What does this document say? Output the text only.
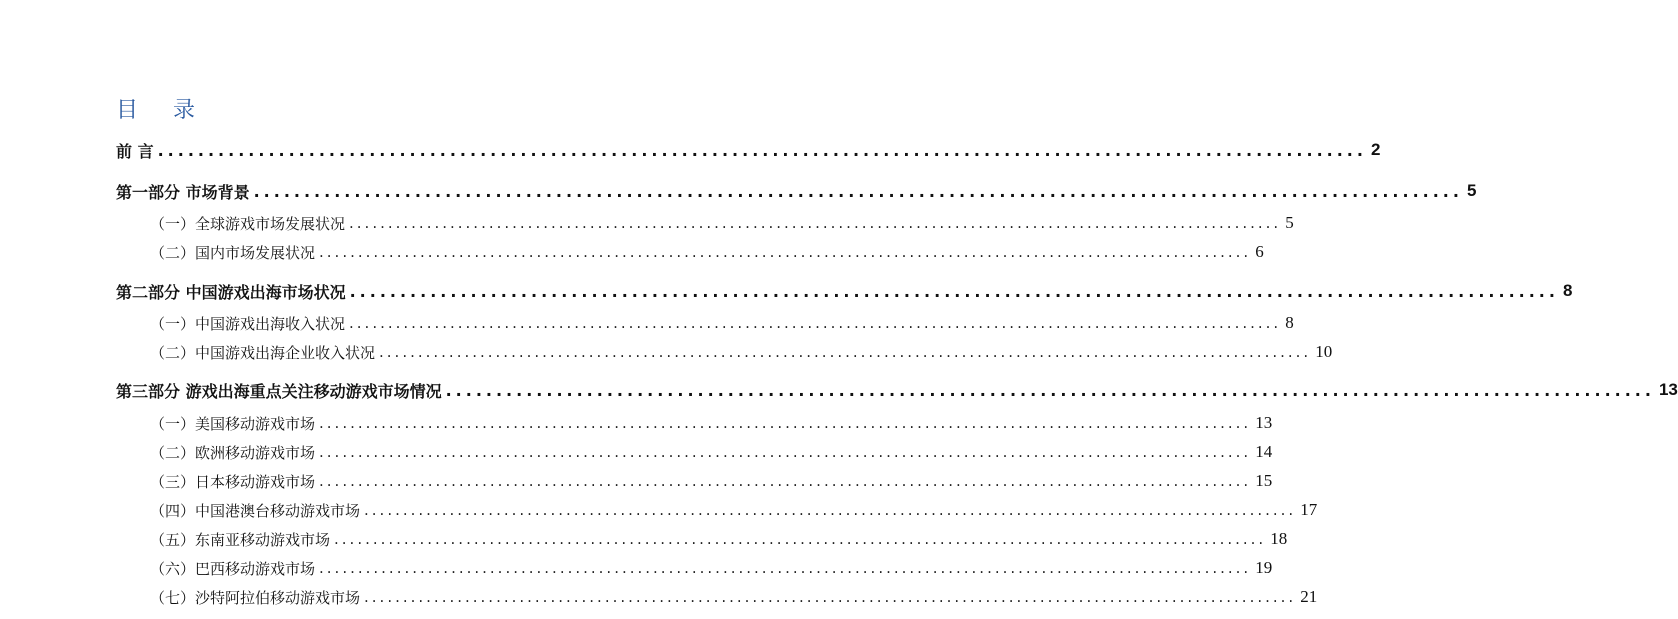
目 录
前 言 ........................................................................................................................ 2
第一部分 市场背景 ........................................................................................................................ 5
（一）全球游戏市场发展状况 ........................................................................................................................ 5
（二）国内市场发展状况 ........................................................................................................................ 6
第二部分 中国游戏出海市场状况 ........................................................................................................................ 8
（一）中国游戏出海收入状况 ........................................................................................................................ 8
（二）中国游戏出海企业收入状况 ........................................................................................................................ 10
第三部分 游戏出海重点关注移动游戏市场情况 ........................................................................................................................ 13
（一）美国移动游戏市场 ........................................................................................................................ 13
（二）欧洲移动游戏市场 ........................................................................................................................ 14
（三）日本移动游戏市场 ........................................................................................................................ 15
（四）中国港澳台移动游戏市场 ........................................................................................................................ 17
（五）东南亚移动游戏市场 ........................................................................................................................ 18
（六）巴西移动游戏市场 ........................................................................................................................ 19
（七）沙特阿拉伯移动游戏市场 ........................................................................................................................ 21
